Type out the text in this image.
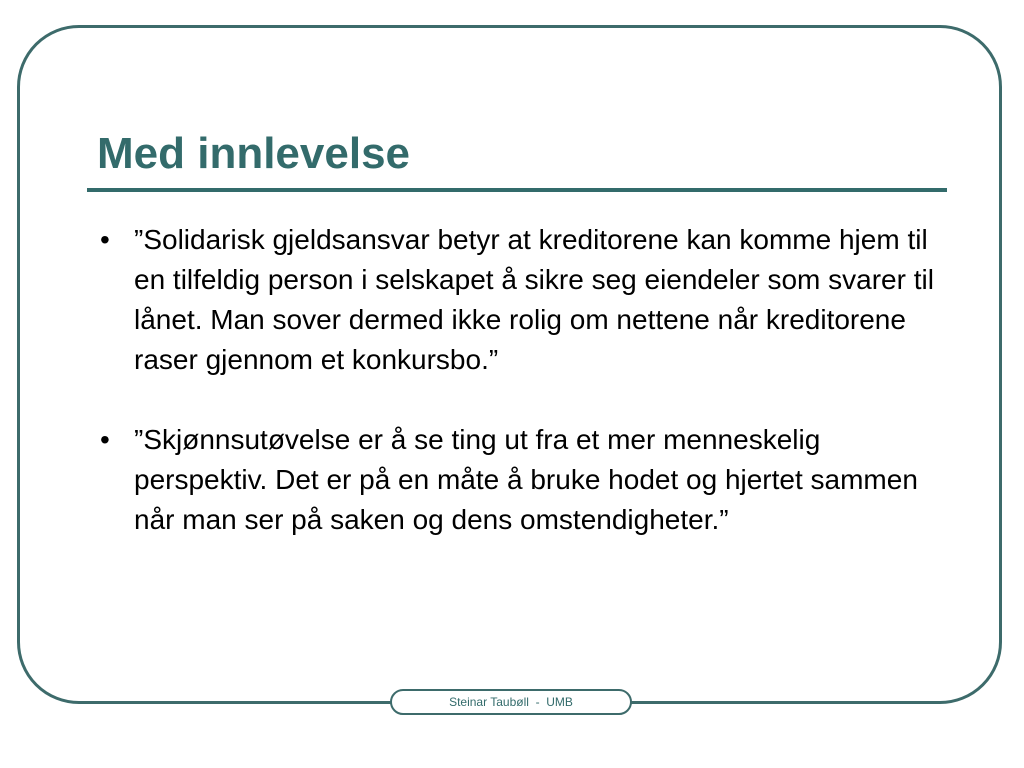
Med innlevelse
• ”Solidarisk gjeldsansvar betyr at kreditorene kan komme hjem til en tilfeldig person i selskapet å sikre seg eiendeler som svarer til lånet. Man sover dermed ikke rolig om nettene når kreditorene raser gjennom et konkursbo.”
• ”Skjønnsutøvelse er å se ting ut fra et mer menneskelig perspektiv. Det er på en måte å bruke hodet og hjertet sammen når man ser på saken og dens omstendigheter.”
Steinar Taubøll  -  UMB
